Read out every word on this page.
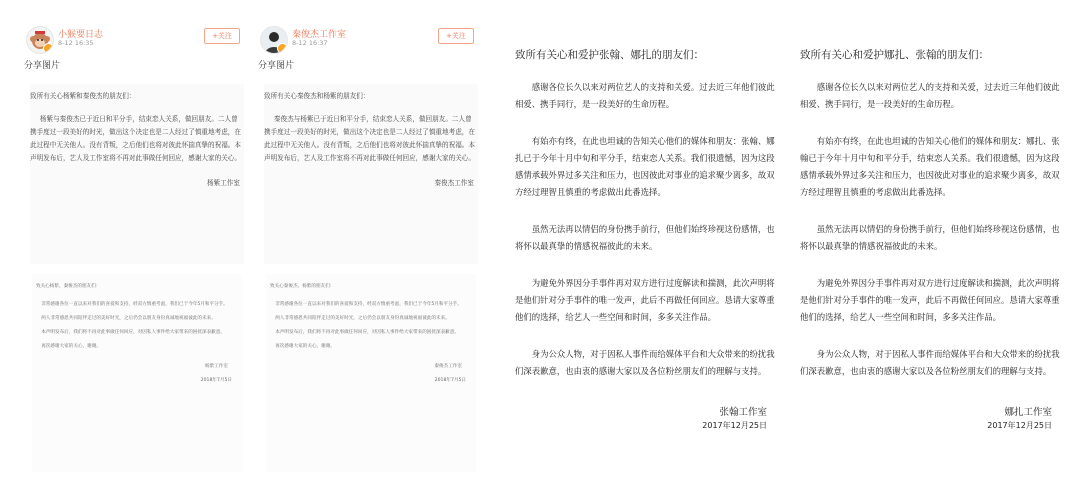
小猴要日志
8-12 16:35
+关注
分享图片

致所有关心杨紫和秦俊杰的朋友们：

杨紫与秦俊杰已于近日和平分手，结束恋人关系，做回朋友。二人曾携手度过一段美好的时光，做出这个决定也是二人经过了慎重地考虑，在此过程中无关他人。没有背叛，之后他们也将对彼此怀揣真挚的祝福。本声明发布后，艺人及工作室将不再对此事做任何回应，感谢大家的关心。

杨紫工作室

致关心杨紫、秦俊杰的朋友们：

非常感谢各位一直以来对我们的喜爱和支持，经双方慎重考虑，我们已于今年5月和平分手。

两人非常感恩共同陪伴走过的美好时光，之后仍会以朋友身份真诚地祝福彼此的未来。

本声明发布后，我们将不再对此事做任何回应，对因私人事件给大家带来的困扰深表歉意。

再次感谢大家的关心，谢谢。

杨紫工作室

2018年7月5日

秦俊杰工作室
8-12 16:37
+关注
分享图片

致所有关心秦俊杰和杨紫的朋友们：

秦俊杰与杨紫已于近日和平分手，结束恋人关系，做回朋友。二人曾携手度过一段美好的时光，做出这个决定也是二人经过了慎重地考虑，在此过程中无关他人。没有背叛，之后他们也将对彼此怀揣真挚的祝福。本声明发布后，艺人及工作室将不再对此事做任何回应，感谢大家的关心。

秦俊杰工作室

致关心秦俊杰、杨紫的朋友们：

非常感谢各位一直以来对我们的喜爱和支持，经双方慎重考虑，我们已于今年5月和平分手。

两人非常感恩共同陪伴走过的美好时光，之后仍会以朋友身份真诚地祝福彼此的未来。

本声明发布后，我们将不再对此事做任何回应，对因私人事件给大家带来的困扰深表歉意。

再次感谢大家的关心，谢谢。

秦俊杰工作室

2018年7月5日

致所有关心和爱护张翰、娜扎的朋友们：

感谢各位长久以来对两位艺人的支持和关爱。过去近三年他们彼此相爱、携手同行，是一段美好的生命历程。

有始亦有终，在此也坦诚的告知关心他们的媒体和朋友：张翰、娜扎已于今年十月中旬和平分手，结束恋人关系。我们很遗憾，因为这段感情承载外界过多关注和压力，也因彼此对事业的追求聚少离多，故双方经过理智且慎重的考虑做出此番选择。

虽然无法再以情侣的身份携手前行，但他们始终珍视这份感情，也将怀以最真挚的情感祝福彼此的未来。

为避免外界因分手事件再对双方进行过度解读和揣测，此次声明将是他们针对分手事件的唯一发声，此后不再做任何回应。恳请大家尊重他们的选择，给艺人一些空间和时间，多多关注作品。

身为公众人物，对于因私人事件而给媒体平台和大众带来的纷扰我们深表歉意，也由衷的感谢大家以及各位粉丝朋友们的理解与支持。

张翰工作室
2017年12月25日
致所有关心和爱护娜扎、张翰的朋友们：

感谢各位长久以来对两位艺人的支持和关爱，过去近三年他们彼此相爱、携手同行，是一段美好的生命历程。

有始亦有终，在此也坦诚的告知关心他们的媒体和朋友：娜扎、张翰已于今年十月中旬和平分手，结束恋人关系。我们很遗憾，因为这段感情承载外界过多关注和压力，也因彼此对事业的追求聚少离多，故双方经过理智且慎重的考虑做出此番选择。

虽然无法再以情侣的身份携手前行，但他们始终珍视这份感情，也将怀以最真挚的情感祝福彼此的未来。

为避免外界因分手事件再对双方进行过度解读和揣测，此次声明将是他们针对分手事件的唯一发声，此后不再做任何回应。恳请大家尊重他们的选择，给艺人一些空间和时间，多多关注作品。

身为公众人物，对于因私人事件而给媒体平台和大众带来的纷扰我们深表歉意，也由衷的感谢大家以及各位粉丝朋友们的理解与支持。

娜扎工作室
2017年12月25日
